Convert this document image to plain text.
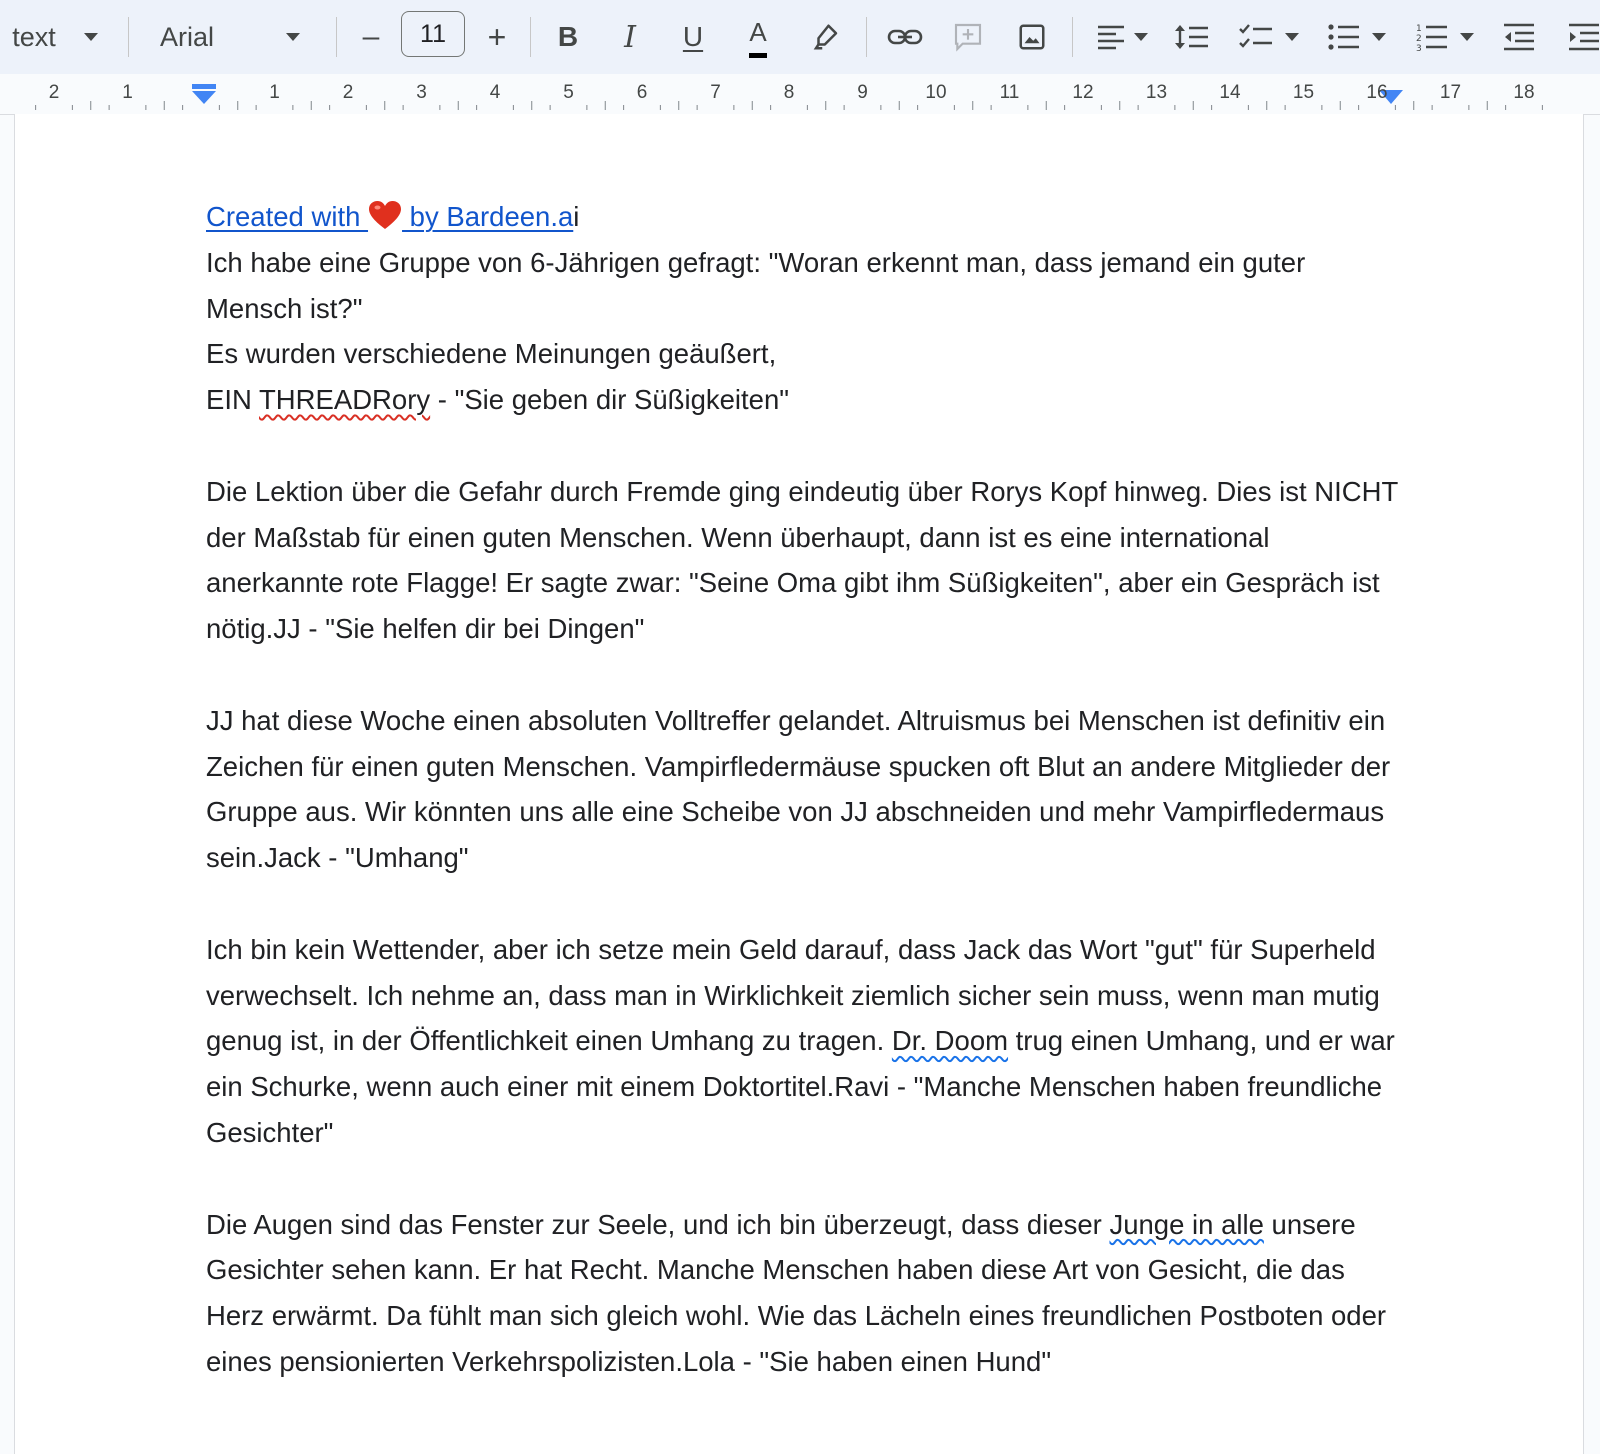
text	Arial	– 11 + B I U A	1
2
3
2	1	1	2	3	4	5	6	7	8	9	10	11	12	13	14	15	16	17	18

Created with  by Bardeen.ai

Ich habe eine Gruppe von 6-Jährigen gefragt: "Woran erkennt man, dass jemand ein guter Mensch ist?"

Es wurden verschiedene Meinungen geäußert,

EIN THREADRory - "Sie geben dir Süßigkeiten"

Die Lektion über die Gefahr durch Fremde ging eindeutig über Rorys Kopf hinweg. Dies ist NICHT der Maßstab für einen guten Menschen. Wenn überhaupt, dann ist es eine international anerkannte rote Flagge! Er sagte zwar: "Seine Oma gibt ihm Süßigkeiten", aber ein Gespräch ist nötig.JJ - "Sie helfen dir bei Dingen"

JJ hat diese Woche einen absoluten Volltreffer gelandet. Altruismus bei Menschen ist definitiv ein Zeichen für einen guten Menschen. Vampirfledermäuse spucken oft Blut an andere Mitglieder der Gruppe aus. Wir könnten uns alle eine Scheibe von JJ abschneiden und mehr Vampirfledermaus sein.Jack - "Umhang"

Ich bin kein Wettender, aber ich setze mein Geld darauf, dass Jack das Wort "gut" für Superheld verwechselt. Ich nehme an, dass man in Wirklichkeit ziemlich sicher sein muss, wenn man mutig genug ist, in der Öffentlichkeit einen Umhang zu tragen. Dr. Doom trug einen Umhang, und er war ein Schurke, wenn auch einer mit einem Doktortitel.Ravi - "Manche Menschen haben freundliche Gesichter"

Die Augen sind das Fenster zur Seele, und ich bin überzeugt, dass dieser Junge in alle unsere Gesichter sehen kann. Er hat Recht. Manche Menschen haben diese Art von Gesicht, die das Herz erwärmt. Da fühlt man sich gleich wohl. Wie das Lächeln eines freundlichen Postboten oder eines pensionierten Verkehrspolizisten.Lola - "Sie haben einen Hund"
